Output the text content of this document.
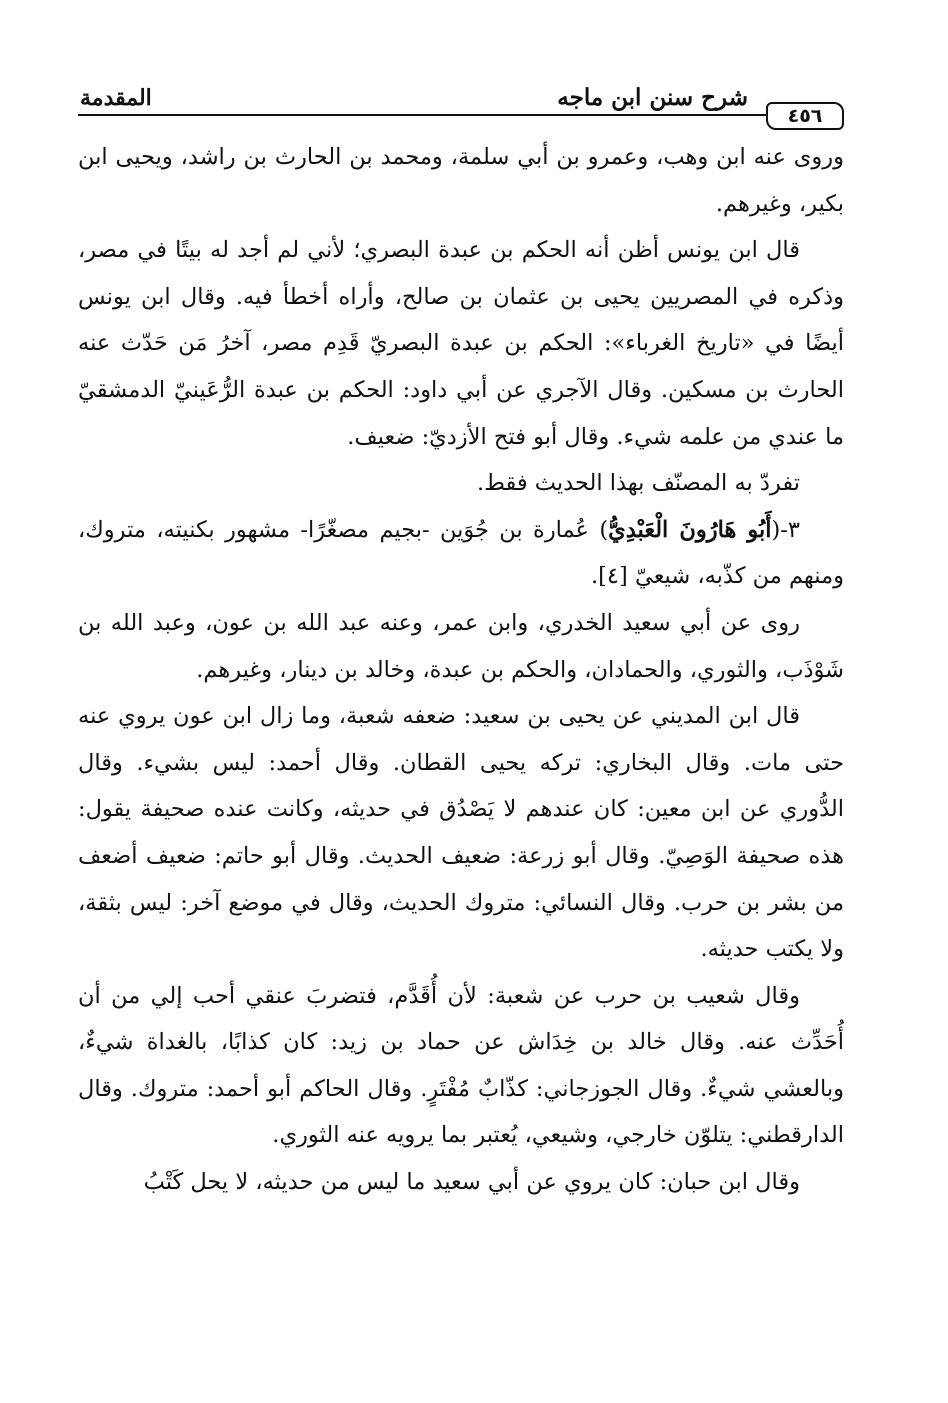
٤٥٦
شرح سنن ابن ماجه
المقدمة

وروى عنه ابن وهب، وعمرو بن أبي سلمة، ومحمد بن الحارث بن راشد، ويحيى ابن بكير، وغيرهم.

قال ابن يونس أظن أنه الحكم بن عبدة البصري؛ لأني لم أجد له بيتًا في مصر، وذكره في المصريين يحيى بن عثمان بن صالح، وأراه أخطأ فيه. وقال ابن يونس أيضًا في «تاريخ الغرباء»: الحكم بن عبدة البصريّ قَدِم مصر، آخرُ مَن حَدّث عنه الحارث بن مسكين. وقال الآجري عن أبي داود: الحكم بن عبدة الرُّعَينيّ الدمشقيّ ما عندي من علمه شيء. وقال أبو فتح الأزديّ: ضعيف.

تفردّ به المصنّف بهذا الحديث فقط.

٣-(أَبُو هَارُونَ الْعَبْدِيُّ) عُمارة بن جُوَين -بجيم مصغّرًا- مشهور بكنيته، متروك، ومنهم من كذّبه، شيعيّ [٤].

روى عن أبي سعيد الخدري، وابن عمر، وعنه عبد الله بن عون، وعبد الله بن شَوْذَب، والثوري، والحمادان، والحكم بن عبدة، وخالد بن دينار، وغيرهم.

قال ابن المديني عن يحيى بن سعيد: ضعفه شعبة، وما زال ابن عون يروي عنه حتى مات. وقال البخاري: تركه يحيى القطان. وقال أحمد: ليس بشيء. وقال الدُّوري عن ابن معين: كان عندهم لا يَصْدُق في حديثه، وكانت عنده صحيفة يقول: هذه صحيفة الوَصِيّ. وقال أبو زرعة: ضعيف الحديث. وقال أبو حاتم: ضعيف أضعف من بشر بن حرب. وقال النسائي: متروك الحديث، وقال في موضع آخر: ليس بثقة، ولا يكتب حديثه.

وقال شعيب بن حرب عن شعبة: لأن أُقَدَّم، فتضربَ عنقي أحب إلي من أن أُحَدِّث عنه. وقال خالد بن خِدَاش عن حماد بن زيد: كان كذابًا، بالغداة شيءٌ، وبالعشي شيءٌ. وقال الجوزجاني: كذّابٌ مُفْتَرٍ. وقال الحاكم أبو أحمد: متروك. وقال الدارقطني: يتلوّن خارجي، وشيعي، يُعتبر بما يرويه عنه الثوري.

وقال ابن حبان: كان يروي عن أبي سعيد ما ليس من حديثه، لا يحل كَتْبُ
